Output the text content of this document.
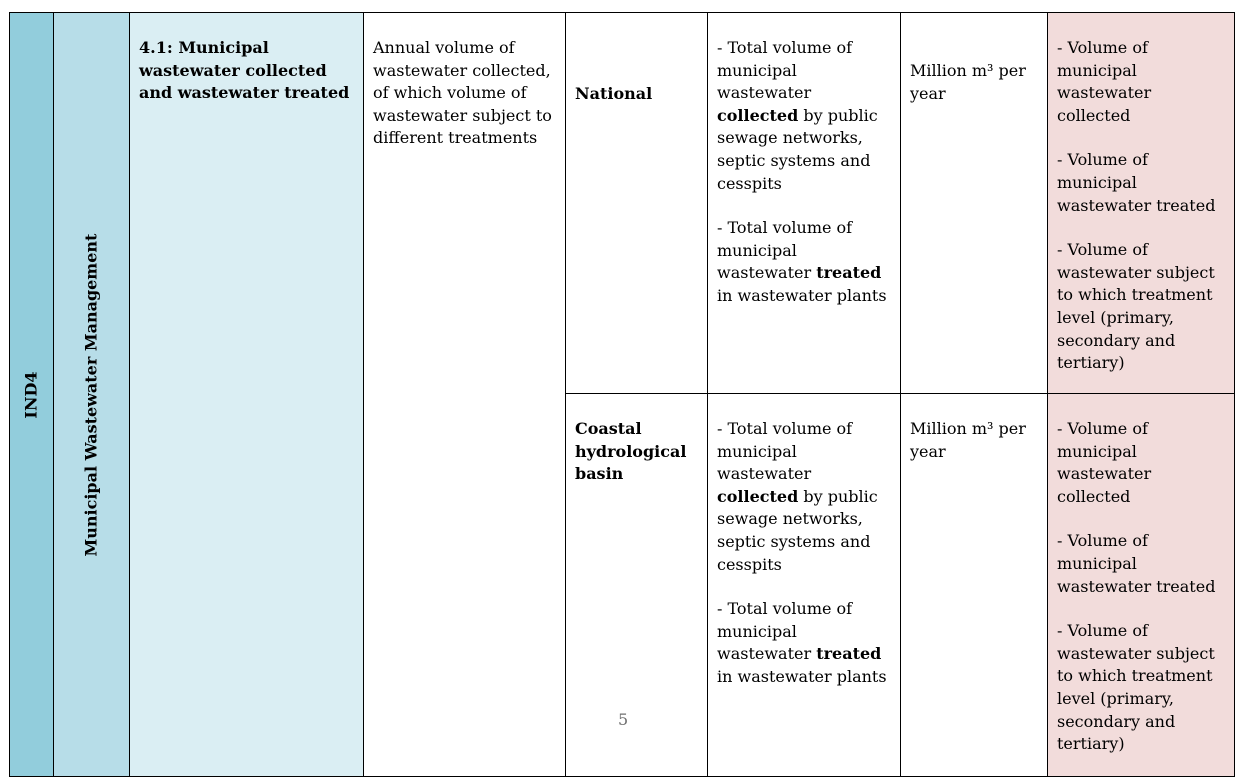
IND4	Municipal Wastewater Management	4.1: Municipal wastewater collected and wastewater treated	Annual volume of wastewater collected, of which volume of wastewater subject to different treatments	National	- Total volume of municipal wastewater collected by public sewage networks, septic systems and cesspits
- Total volume of municipal wastewater treated in wastewater plants	Million m³ per year	- Volume of municipal wastewater collected
- Volume of municipal wastewater treated
- Volume of wastewater subject to which treatment level (primary, secondary and tertiary)

				Coastal hydrological basin	- Total volume of municipal wastewater collected by public sewage networks, septic systems and cesspits
- Total volume of municipal wastewater treated in wastewater plants	Million m³ per year	- Volume of municipal wastewater collected
- Volume of municipal wastewater treated
- Volume of wastewater subject to which treatment level (primary, secondary and tertiary)
5
